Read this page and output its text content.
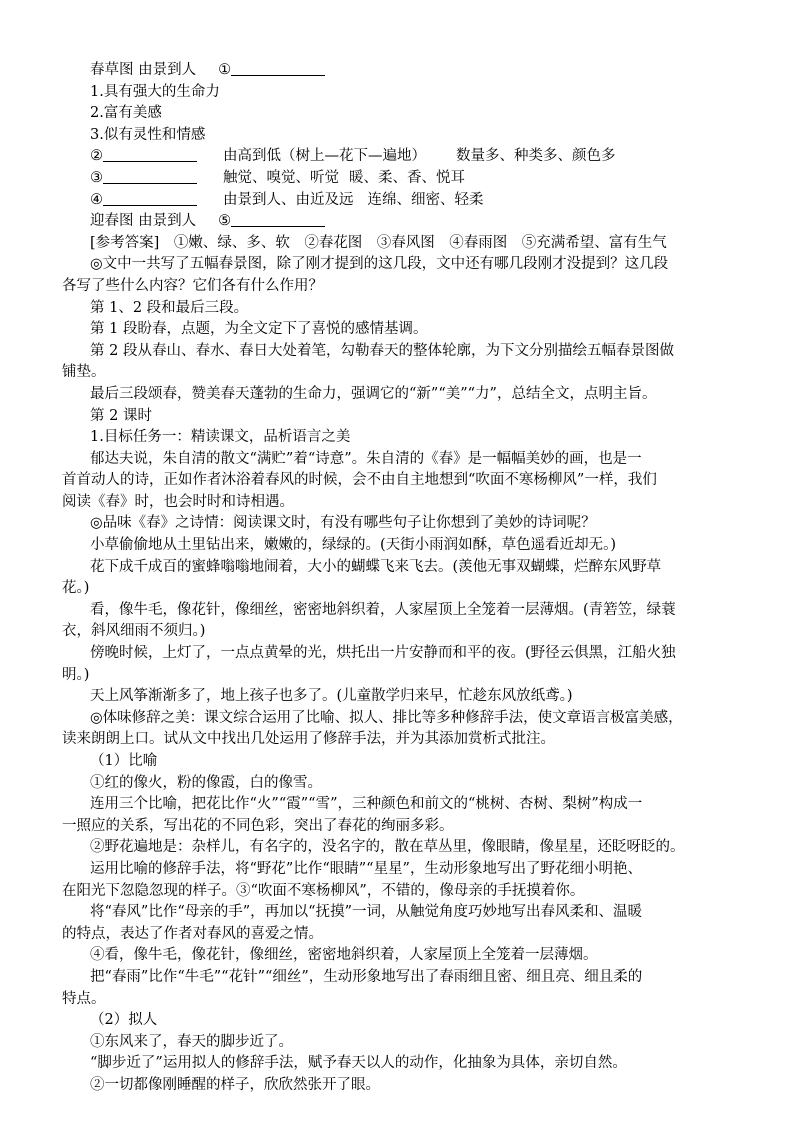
春草图 由景到人 ①
1.具有强大的生命力
2.富有美感
3.似有灵性和情感
②	由高到低（树上—花下—遍地） 数量多、种类多、颜色多
③	触觉、嗅觉、听觉 暖、柔、香、悦耳
④	由景到人、由近及远 连绵、细密、轻柔
迎春图 由景到人 ⑤
[参考答案]　①嫩、绿、多、软　②春花图　③春风图　④春雨图　⑤充满希望、富有生气
◎文中一共写了五幅春景图，除了刚才提到的这几段，文中还有哪几段刚才没提到？这几段
各写了些什么内容？它们各有什么作用？
第 1、2 段和最后三段。
第 1 段盼春，点题，为全文定下了喜悦的感情基调。
第 2 段从春山、春水、春日大处着笔，勾勒春天的整体轮廓，为下文分别描绘五幅春景图做
铺垫。
最后三段颂春，赞美春天蓬勃的生命力，强调它的“新”“美”“力”，总结全文，点明主旨。
第 2 课时
1.目标任务一：精读课文，品析语言之美
郁达夫说，朱自清的散文“满贮”着“诗意”。朱自清的《春》是一幅幅美妙的画，也是一
首首动人的诗，正如作者沐浴着春风的时候，会不由自主地想到“吹面不寒杨柳风”一样，我们
阅读《春》时，也会时时和诗相遇。
◎品味《春》之诗情：阅读课文时，有没有哪些句子让你想到了美妙的诗词呢？
小草偷偷地从土里钻出来，嫩嫩的，绿绿的。(天街小雨润如酥，草色遥看近却无。)
花下成千成百的蜜蜂嗡嗡地闹着，大小的蝴蝶飞来飞去。(羡他无事双蝴蝶，烂醉东风野草
花。)
看，像牛毛，像花针，像细丝，密密地斜织着，人家屋顶上全笼着一层薄烟。(青箬笠，绿蓑
衣，斜风细雨不须归。)
傍晚时候，上灯了，一点点黄晕的光，烘托出一片安静而和平的夜。(野径云俱黑，江船火独
明。)
天上风筝渐渐多了，地上孩子也多了。(儿童散学归来早，忙趁东风放纸鸢。)
◎体味修辞之美：课文综合运用了比喻、拟人、排比等多种修辞手法，使文章语言极富美感，
读来朗朗上口。试从文中找出几处运用了修辞手法，并为其添加赏析式批注。
（1）比喻
①红的像火，粉的像霞，白的像雪。
连用三个比喻，把花比作“火”“霞”“雪”，三种颜色和前文的“桃树、杏树、梨树”构成一
一照应的关系，写出花的不同色彩，突出了春花的绚丽多彩。
②野花遍地是：杂样儿，有名字的，没名字的，散在草丛里，像眼睛，像星星，还眨呀眨的。
运用比喻的修辞手法，将“野花”比作“眼睛”“星星”，生动形象地写出了野花细小明艳、
在阳光下忽隐忽现的样子。③“吹面不寒杨柳风”，不错的，像母亲的手抚摸着你。
将“春风”比作“母亲的手”，再加以“抚摸”一词，从触觉角度巧妙地写出春风柔和、温暖
的特点，表达了作者对春风的喜爱之情。
④看，像牛毛，像花针，像细丝，密密地斜织着，人家屋顶上全笼着一层薄烟。
把“春雨”比作“牛毛”“花针”“细丝”，生动形象地写出了春雨细且密、细且亮、细且柔的
特点。
（2）拟人
①东风来了，春天的脚步近了。
“脚步近了”运用拟人的修辞手法，赋予春天以人的动作，化抽象为具体，亲切自然。
②一切都像刚睡醒的样子，欣欣然张开了眼。
